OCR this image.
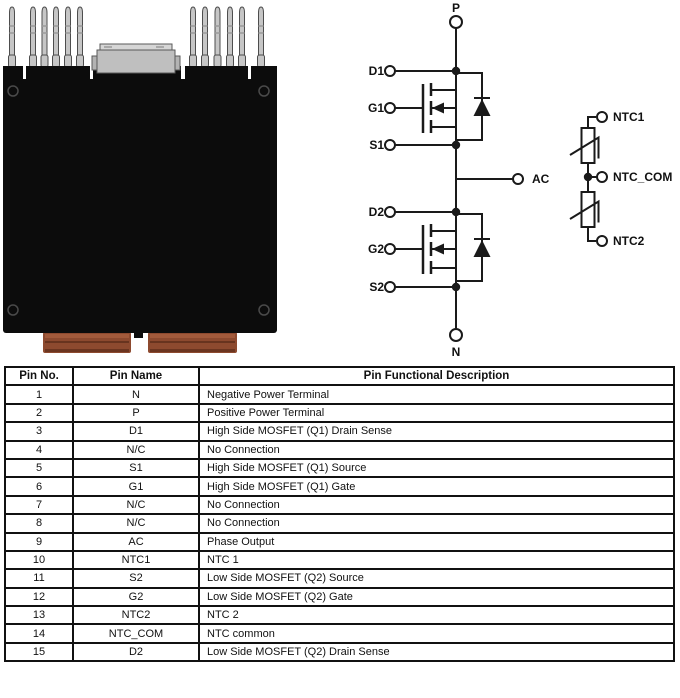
P
D1
G1
S1
AC
D2
G2
S2
N
NTC1
NTC_COM
NTC2
Pin No.	Pin Name	Pin Functional Description
1	N	Negative Power Terminal
2	P	Positive Power Terminal
3	D1	High Side MOSFET (Q1) Drain Sense
4	N/C	No Connection
5	S1	High Side MOSFET (Q1) Source
6	G1	High Side MOSFET (Q1) Gate
7	N/C	No Connection
8	N/C	No Connection
9	AC	Phase Output
10	NTC1	NTC 1
11	S2	Low Side MOSFET (Q2) Source
12	G2	Low Side MOSFET (Q2) Gate
13	NTC2	NTC 2
14	NTC_COM	NTC common
15	D2	Low Side MOSFET (Q2) Drain Sense
